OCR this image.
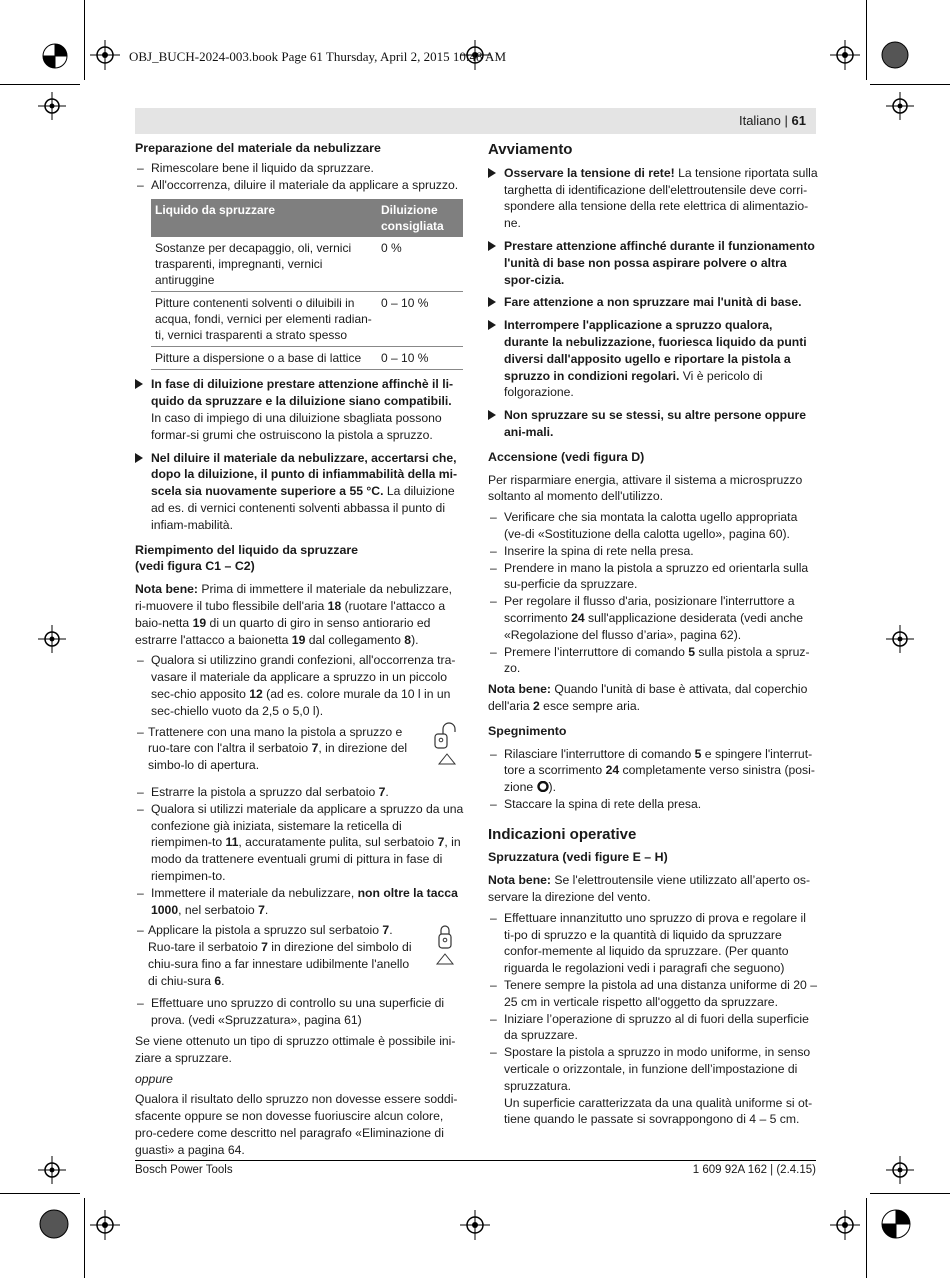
OBJ_BUCH-2024-003.book Page 61 Thursday, April 2, 2015 10:48 AM
Italiano | 61

Preparazione del materiale da nebulizzare

– Rimescolare bene il liquido da spruzzare.
– All'occorrenza, diluire il materiale da applicare a spruzzo.
Liquido da spruzzare	Diluizione consigliata
Sostanze per decapaggio, oli, vernici trasparenti, impregnanti, vernici antiruggine	0 %
Pitture contenenti solventi o diluibili in acqua, fondi, vernici per elementi radian-ti, vernici trasparenti a strato spesso	0 – 10 %
Pitture a dispersione o a base di lattice	0 – 10 %
In fase di diluizione prestare attenzione affinchè il li-quido da spruzzare e la diluizione siano compatibili. In caso di impiego di una diluizione sbagliata possono formar-si grumi che ostruiscono la pistola a spruzzo.
Nel diluire il materiale da nebulizzare, accertarsi che, dopo la diluizione, il punto di infiammabilità della mi-scela sia nuovamente superiore a 55 °C. La diluizione ad es. di vernici contenenti solventi abbassa il punto di infiam-mabilità.

Riempimento del liquido da spruzzare
(vedi figura C1 – C2)

Nota bene: Prima di immettere il materiale da nebulizzare, ri-muovere il tubo flessibile dell'aria 18 (ruotare l'attacco a baio-netta 19 di un quarto di giro in senso antiorario ed estrarre l'attacco a baionetta 19 dal collegamento 8).

– Qualora si utilizzino grandi confezioni, all'occorrenza tra-vasare il materiale da applicare a spruzzo in un piccolo sec-chio apposito 12 (ad es. colore murale da 10 l in un sec-chiello vuoto da 2,5 o 5,0 l).
– Trattenere con una mano la pistola a spruzzo e ruo-tare con l'altra il serbatoio 7, in direzione del simbo-lo di apertura.
– Estrarre la pistola a spruzzo dal serbatoio 7.
– Qualora si utilizzi materiale da applicare a spruzzo da una confezione già iniziata, sistemare la reticella di riempimen-to 11, accuratamente pulita, sul serbatoio 7, in modo da trattenere eventuali grumi di pittura in fase di riempimen-to.
– Immettere il materiale da nebulizzare, non oltre la tacca 1000, nel serbatoio 7.
– Applicare la pistola a spruzzo sul serbatoio 7. Ruo-tare il serbatoio 7 in direzione del simbolo di chiu-sura fino a far innestare udibilmente l'anello di chiu-sura 6.
– Effettuare uno spruzzo di controllo su una superficie di prova. (vedi «Spruzzatura», pagina 61)

Se viene ottenuto un tipo di spruzzo ottimale è possibile ini-ziare a spruzzare.

oppure

Qualora il risultato dello spruzzo non dovesse essere soddi-sfacente oppure se non dovesse fuoriuscire alcun colore, pro-cedere come descritto nel paragrafo «Eliminazione di guasti» a pagina 64.

Avviamento

Osservare la tensione di rete! La tensione riportata sulla targhetta di identificazione dell'elettroutensile deve corri-spondere alla tensione della rete elettrica di alimentazio-ne.
Prestare attenzione affinché durante il funzionamento l'unità di base non possa aspirare polvere o altra spor-cizia.
Fare attenzione a non spruzzare mai l'unità di base.
Interrompere l'applicazione a spruzzo qualora, durante la nebulizzazione, fuoriesca liquido da punti diversi dall'apposito ugello e riportare la pistola a spruzzo in condizioni regolari. Vi è pericolo di folgorazione.
Non spruzzare su se stessi, su altre persone oppure ani-mali.

Accensione (vedi figura D)

Per risparmiare energia, attivare il sistema a microspruzzo soltanto al momento dell'utilizzo.

– Verificare che sia montata la calotta ugello appropriata (ve-di «Sostituzione della calotta ugello», pagina 60).
– Inserire la spina di rete nella presa.
– Prendere in mano la pistola a spruzzo ed orientarla sulla su-perficie da spruzzare.
– Per regolare il flusso d'aria, posizionare l'interruttore a scorrimento 24 sull'applicazione desiderata (vedi anche «Regolazione del flusso d’aria», pagina 62).
– Premere l’interruttore di comando 5 sulla pistola a spruz-zo.

Nota bene: Quando l'unità di base è attivata, dal coperchio dell'aria 2 esce sempre aria.

Spegnimento

– Rilasciare l'interruttore di comando 5 e spingere l'interrut-tore a scorrimento 24 completamente verso sinistra (posi-zione ).
– Staccare la spina di rete della presa.

Indicazioni operative

Spruzzatura (vedi figure E – H)

Nota bene: Se l'elettroutensile viene utilizzato all’aperto os-servare la direzione del vento.

– Effettuare innanzitutto uno spruzzo di prova e regolare il ti-po di spruzzo e la quantità di liquido da spruzzare confor-memente al liquido da spruzzare. (Per quanto riguarda le regolazioni vedi i paragrafi che seguono)
– Tenere sempre la pistola ad una distanza uniforme di 20 – 25 cm in verticale rispetto all'oggetto da spruzzare.
– Iniziare l’operazione di spruzzo al di fuori della superficie da spruzzare.
– Spostare la pistola a spruzzo in modo uniforme, in senso verticale o orizzontale, in funzione dell’impostazione di spruzzatura.
Un superficie caratterizzata da una qualità uniforme si ot-tiene quando le passate si sovrappongono di 4 – 5 cm.
Bosch Power Tools	1 609 92A 162 | (2.4.15)
